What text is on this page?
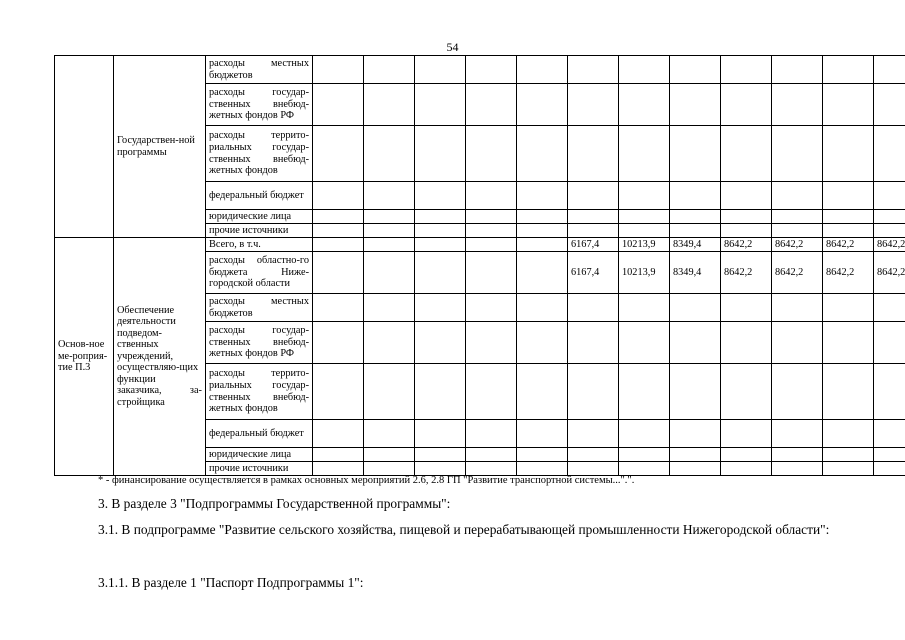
54
	Государствен-ной программы	расходы местных бюджетов												
		расходы государ-ственных внебюд-жетных фондов РФ												
		расходы террито-риальных государ-ственных внебюд-жетных фондов												
		федеральный бюджет												
		юридические лица												
		прочие источники												
Основ-ное ме-роприя-тие П.3	Обеспечение деятельности подведом-ственных учреждений, осуществляю-щих функции заказчика, за-стройщика	Всего, в т.ч.						6167,4	10213,9	8349,4	8642,2	8642,2	8642,2	8642,2
		расходы областно-го бюджета Ниже-городской области						6167,4	10213,9	8349,4	8642,2	8642,2	8642,2	8642,2
		расходы местных бюджетов												
		расходы государ-ственных внебюд-жетных фондов РФ												
		расходы террито-риальных государ-ственных внебюд-жетных фондов												
		федеральный бюджет												
		юридические лица												
		прочие источники												
* - финансирование осуществляется в рамках основных мероприятий 2.6, 2.8 ГП "Развитие транспортной системы...".".
3. В разделе 3 "Подпрограммы Государственной программы":
3.1. В подпрограмме "Развитие сельского хозяйства, пищевой и перерабатывающей промышленности Нижегородской области":
3.1.1. В разделе 1 "Паспорт Подпрограммы 1":
